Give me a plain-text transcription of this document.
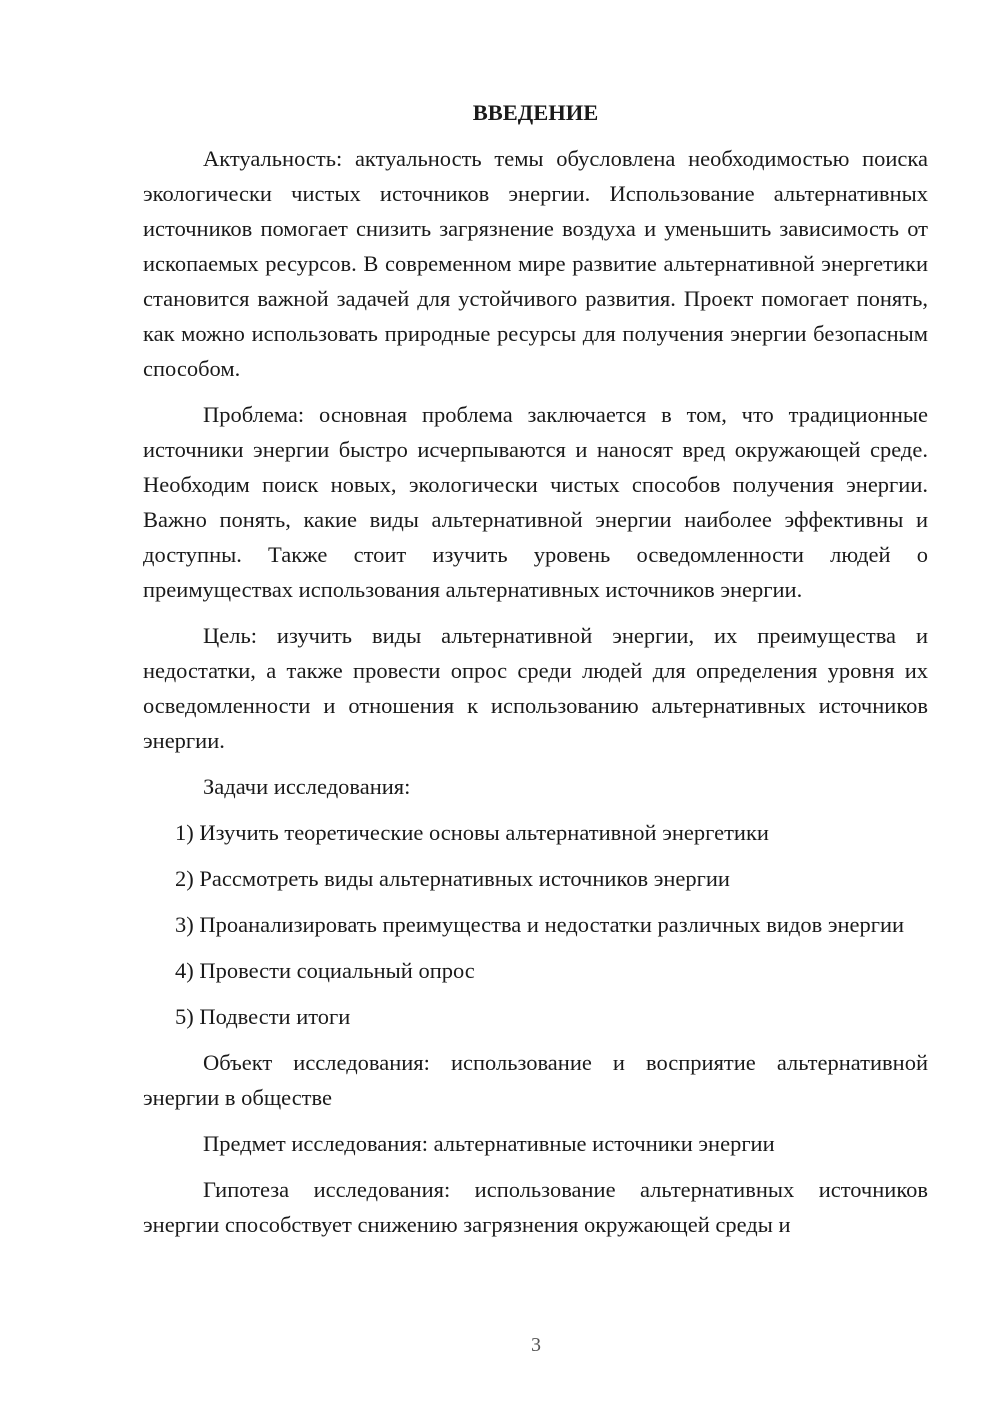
ВВЕДЕНИЕ

Актуальность: актуальность темы обусловлена необходимостью поиска экологически чистых источников энергии. Использование альтернативных источников помогает снизить загрязнение воздуха и уменьшить зависимость от ископаемых ресурсов. В современном мире развитие альтернативной энергетики становится важной задачей для устойчивого развития. Проект помогает понять, как можно использовать природные ресурсы для получения энергии безопасным способом.

Проблема: основная проблема заключается в том, что традиционные источники энергии быстро исчерпываются и наносят вред окружающей среде. Необходим поиск новых, экологически чистых способов получения энергии. Важно понять, какие виды альтернативной энергии наиболее эффективны и доступны. Также стоит изучить уровень осведомленности людей о преимуществах использования альтернативных источников энергии.

Цель: изучить виды альтернативной энергии, их преимущества и недостатки, а также провести опрос среди людей для определения уровня их осведомленности и отношения к использованию альтернативных источников энергии.

Задачи исследования:

1) Изучить теоретические основы альтернативной энергетики

2) Рассмотреть виды альтернативных источников энергии

3) Проанализировать преимущества и недостатки различных видов энергии

4) Провести социальный опрос

5) Подвести итоги

Объект исследования: использование и восприятие альтернативной энергии в обществе

Предмет исследования: альтернативные источники энергии

Гипотеза исследования: использование альтернативных источников энергии способствует снижению загрязнения окружающей среды и

3
